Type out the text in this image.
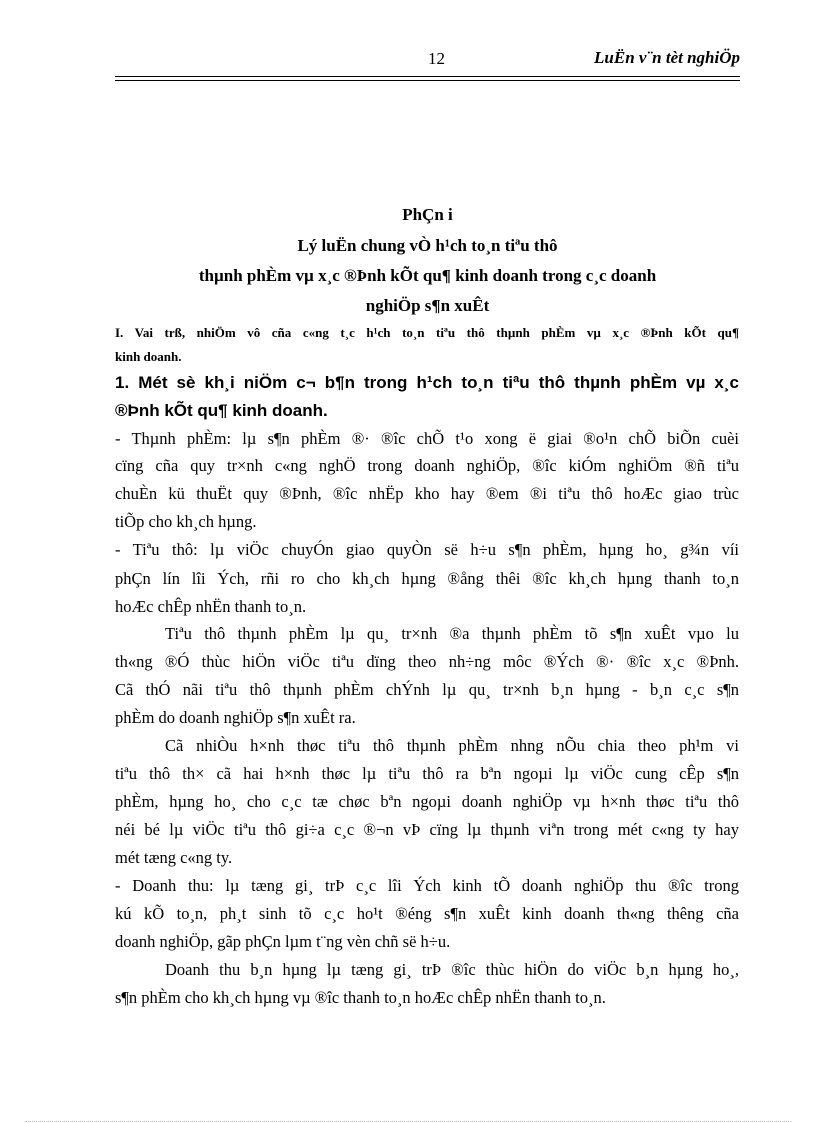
12	LuËn v¨n tèt nghiÖp
PhÇn i
Lý luËn chung vÒ h¹ch to¸n tiªu thô
thµnh phÈm vµ x¸c ®Þnh kÕt qu¶ kinh doanh trong c¸c doanh
nghiÖp s¶n xuÊt
I. Vai trß, nhiÖm vô cña c«ng t¸c h¹ch to¸n tiªu thô thµnh phÈm vµ x¸c ®Þnh kÕt qu¶
kinh doanh.
1. Mét sè kh¸i niÖm c¬ b¶n trong h¹ch to¸n tiªu thô thµnh phÈm vµ x¸c
®Þnh kÕt qu¶ kinh doanh.
- Thµnh phÈm: lµ s¶n phÈm ®· ®îc chÕ t¹o xong ë giai ®o¹n chÕ biÕn cuèi
cïng cña quy tr×nh c«ng nghÖ trong doanh nghiÖp, ®îc kiÓm nghiÖm ®ñ tiªu
chuÈn kü thuËt quy ®Þnh, ®îc nhËp kho hay ®em ®i tiªu thô hoÆc giao trùc
tiÕp cho kh¸ch hµng.
- Tiªu thô: lµ viÖc chuyÓn giao quyÒn së h÷u s¶n phÈm, hµng ho¸ g¾n víi
phÇn lín lîi Ých, rñi ro cho kh¸ch hµng ®ång thêi ®îc kh¸ch hµng thanh to¸n
hoÆc chÊp nhËn thanh to¸n.
Tiªu thô thµnh phÈm lµ qu¸ tr×nh ®a thµnh phÈm tõ s¶n xuÊt vµo lu
th«ng ®Ó thùc hiÖn viÖc tiªu dïng theo nh÷ng môc ®Ých ®· ®îc x¸c ®Þnh.
Cã thÓ nãi tiªu thô thµnh phÈm chÝnh lµ qu¸ tr×nh b¸n hµng - b¸n c¸c s¶n
phÈm do doanh nghiÖp s¶n xuÊt ra.
Cã nhiÒu h×nh thøc tiªu thô thµnh phÈm nhng nÕu chia theo ph¹m vi
tiªu thô th× cã hai h×nh thøc lµ tiªu thô ra bªn ngoµi lµ viÖc cung cÊp s¶n
phÈm, hµng ho¸ cho c¸c tæ chøc bªn ngoµi doanh nghiÖp vµ h×nh thøc tiªu thô
néi bé lµ viÖc tiªu thô gi÷a c¸c ®¬n vÞ cïng lµ thµnh viªn trong mét c«ng ty hay
mét tæng c«ng ty.
- Doanh thu: lµ tæng gi¸ trÞ c¸c lîi Ých kinh tÕ doanh nghiÖp thu ®îc trong
kú kÕ to¸n, ph¸t sinh tõ c¸c ho¹t ®éng s¶n xuÊt kinh doanh th«ng thêng cña
doanh nghiÖp, gãp phÇn lµm t¨ng vèn chñ së h÷u.
Doanh thu b¸n hµng lµ tæng gi¸ trÞ ®îc thùc hiÖn do viÖc b¸n hµng ho¸,
s¶n phÈm cho kh¸ch hµng vµ ®îc thanh to¸n hoÆc chÊp nhËn thanh to¸n.
